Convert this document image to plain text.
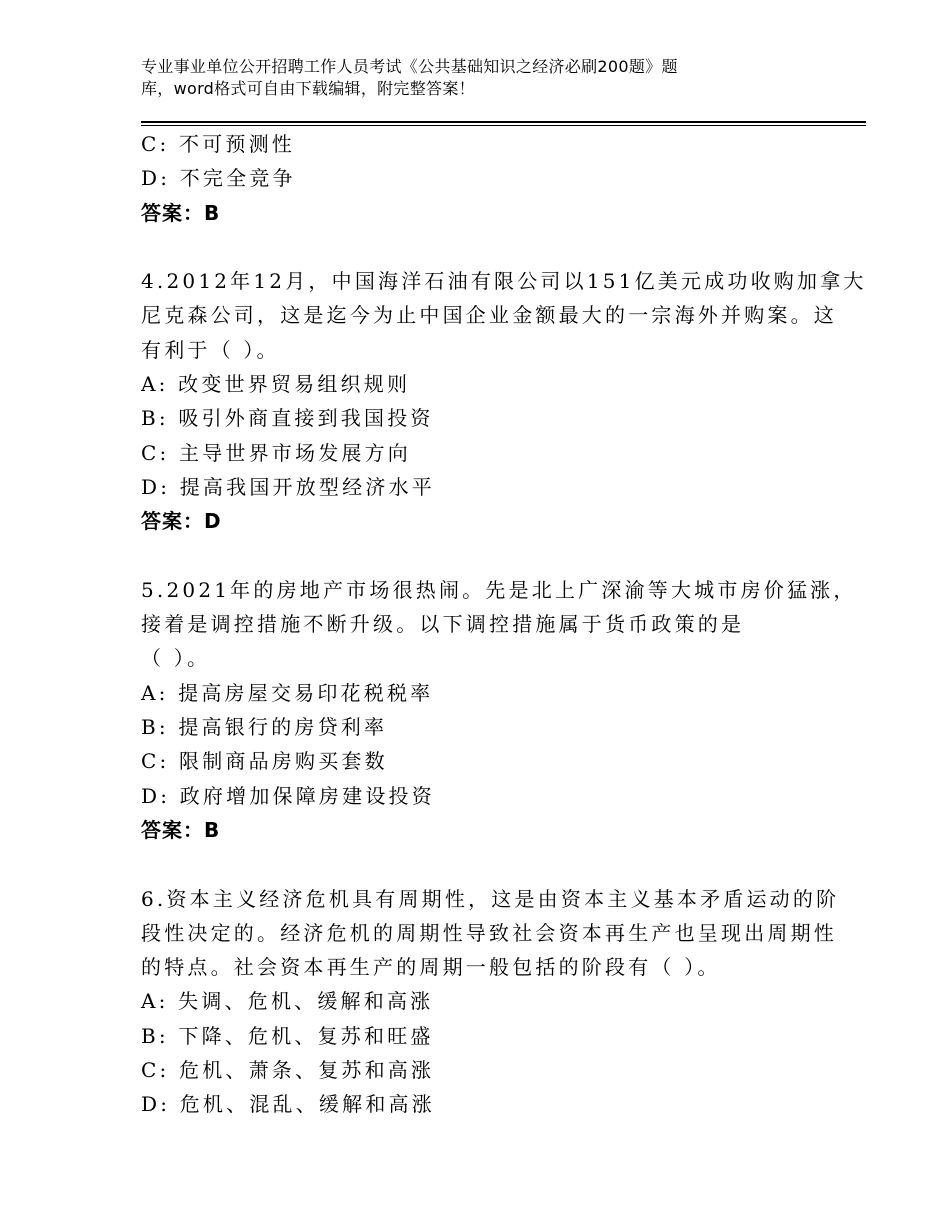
专业事业单位公开招聘工作人员考试《公共基础知识之经济必刷200题》题
库，word格式可自由下载编辑，附完整答案！
C: 不可预测性
D: 不完全竞争
答案：B
4.2012年12月，中国海洋石油有限公司以151亿美元成功收购加拿大
尼克森公司，这是迄今为止中国企业金额最大的一宗海外并购案。这
有利于（ ）。
A: 改变世界贸易组织规则
B: 吸引外商直接到我国投资
C: 主导世界市场发展方向
D: 提高我国开放型经济水平
答案：D
5.2021年的房地产市场很热闹。先是北上广深渝等大城市房价猛涨，
接着是调控措施不断升级。以下调控措施属于货币政策的是
（ ）。
A: 提高房屋交易印花税税率
B: 提高银行的房贷利率
C: 限制商品房购买套数
D: 政府增加保障房建设投资
答案：B
6.资本主义经济危机具有周期性，这是由资本主义基本矛盾运动的阶
段性决定的。经济危机的周期性导致社会资本再生产也呈现出周期性
的特点。社会资本再生产的周期一般包括的阶段有（ ）。
A: 失调、危机、缓解和高涨
B: 下降、危机、复苏和旺盛
C: 危机、萧条、复苏和高涨
D: 危机、混乱、缓解和高涨
